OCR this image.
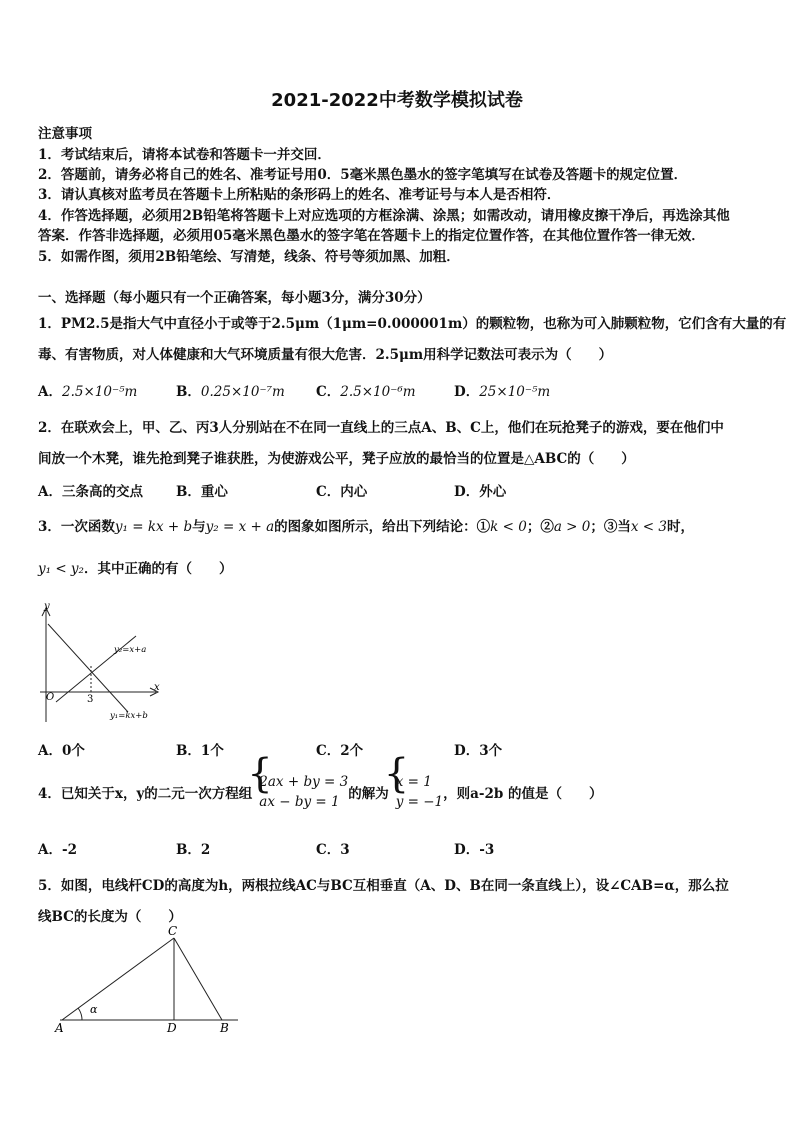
2021-2022中考数学模拟试卷
注意事项
1．考试结束后，请将本试卷和答题卡一并交回．
2．答题前，请务必将自己的姓名、准考证号用0．5毫米黑色墨水的签字笔填写在试卷及答题卡的规定位置．
3．请认真核对监考员在答题卡上所粘贴的条形码上的姓名、准考证号与本人是否相符．
4．作答选择题，必须用2B铅笔将答题卡上对应选项的方框涂满、涂黑；如需改动，请用橡皮擦干净后，再选涂其他
答案．作答非选择题，必须用05毫米黑色墨水的签字笔在答题卡上的指定位置作答，在其他位置作答一律无效．
5．如需作图，须用2B铅笔绘、写清楚，线条、符号等须加黑、加粗．
一、选择题（每小题只有一个正确答案，每小题3分，满分30分）
1．PM2.5是指大气中直径小于或等于2.5μm（1μm=0.000001m）的颗粒物，也称为可入肺颗粒物，它们含有大量的有
毒、有害物质，对人体健康和大气环境质量有很大危害．2.5μm用科学记数法可表示为（　　）
A．2.5×10⁻⁵m	B．0.25×10⁻⁷m C．2.5×10⁻⁶m	D．25×10⁻⁵m
2．在联欢会上，甲、乙、丙3人分别站在不在同一直线上的三点A、B、C上，他们在玩抢凳子的游戏，要在他们中
间放一个木凳，谁先抢到凳子谁获胜，为使游戏公平，凳子应放的最恰当的位置是△ABC的（　　）
A．三条高的交点 B．重心	C．内心	D．外心
3．一次函数y₁ = kx + b与y₂ = x + a的图象如图所示，给出下列结论：①k < 0；②a > 0；③当x < 3时，
y₁ < y₂．其中正确的有（　　）
y
x
O	3
y₂=x+a
y₁=kx+b
A．0个	B．1个	C．2个	D．3个
4．已知关于x，y的二元一次方程组{ 2ax + by = 3
ax − by = 1 的解为{ x = 1
y = −1，则a-2b 的值是（　　）
A．-2	B．2	C．3	D．-3
5．如图，电线杆CD的高度为h，两根拉线AC与BC互相垂直（A、D、B在同一条直线上），设∠CAB=α，那么拉
线BC的长度为（　　）
C
A	D	B
α
